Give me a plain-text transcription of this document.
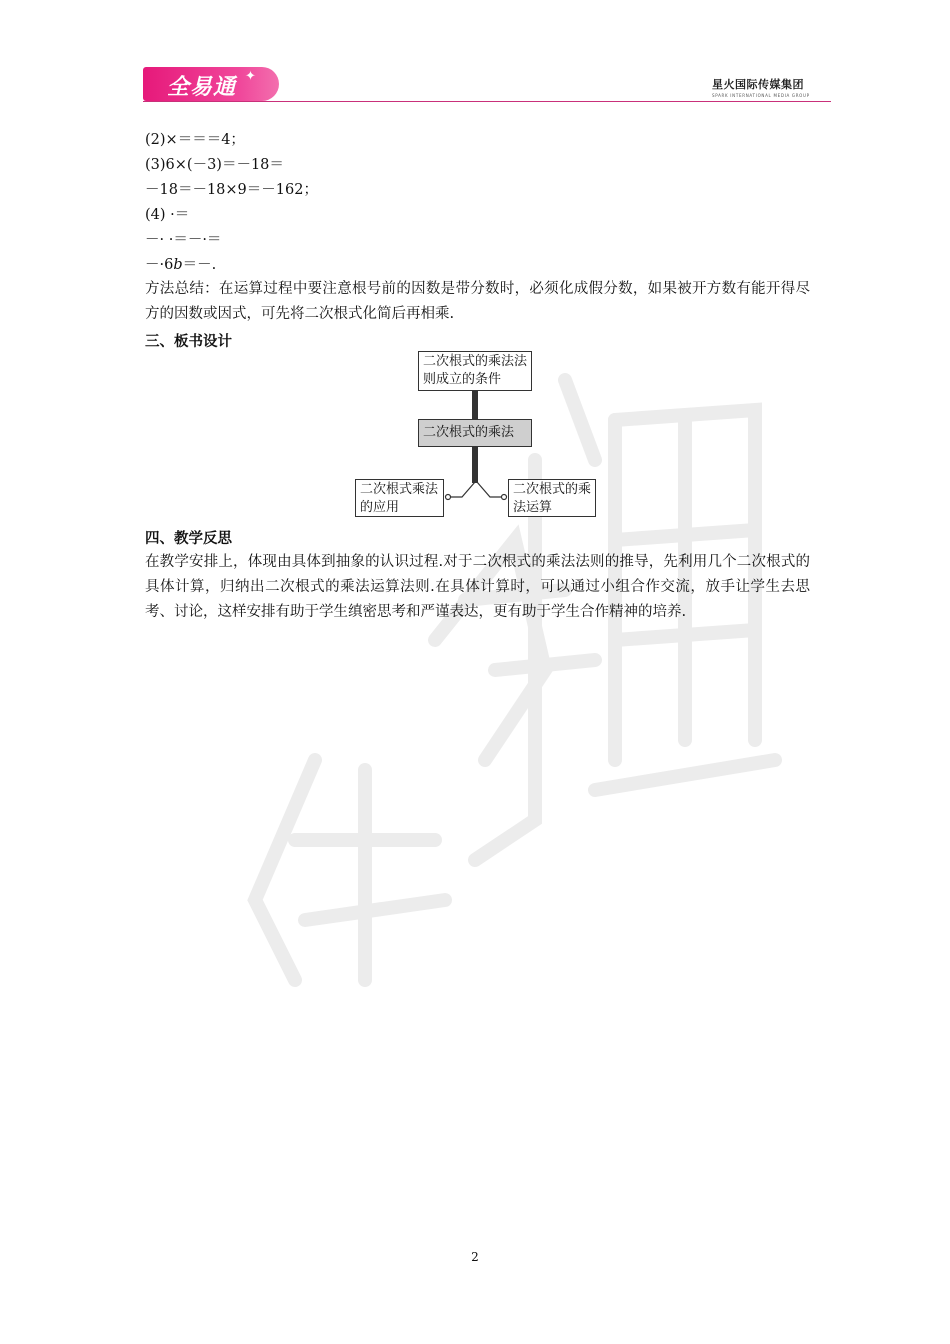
全易通 ✦
星火国际传媒集团
SPARK INTERNATIONAL MEDIA GROUP
(2)×＝＝＝4；
(3)6×(－3)＝－18＝
－18＝－18×9＝－162；
(4) ·＝
－· ·＝－·＝
－·6b＝－.
方法总结：在运算过程中要注意根号前的因数是带分数时，必须化成假分数，如果被开方数有能开得尽方的因数或因式，可先将二次根式化简后再相乘.
三、板书设计
二次根式的乘法法则成立的条件
二次根式的乘法
二次根式乘法的应用
二次根式的乘法运算
四、教学反思
在教学安排上，体现由具体到抽象的认识过程.对于二次根式的乘法法则的推导，先利用几个二次根式的具体计算，归纳出二次根式的乘法运算法则.在具体计算时，可以通过小组合作交流，放手让学生去思考、讨论，这样安排有助于学生缜密思考和严谨表达，更有助于学生合作精神的培养.
2
